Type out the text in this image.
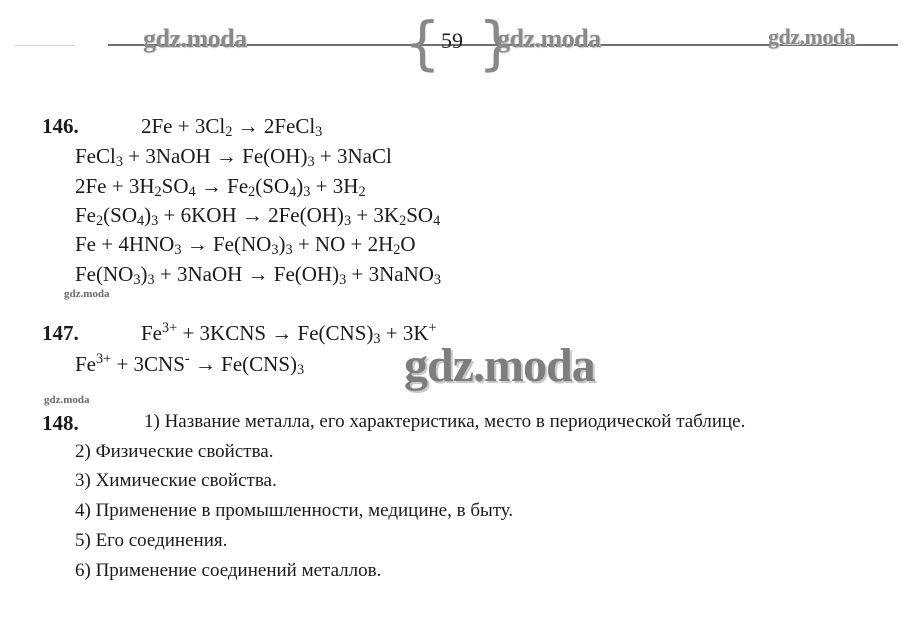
gdz.moda	{ 59 }
gdz.moda	gdz.moda
146.	$2Fe + 3Cl_2$ → 2FeCl$_3$
FeCl$_3$ + 3NaOH → $Fe(OH)_3$ + 3NaCl
$2Fe + 3H_2SO_4 \to Fe_2(SO_4)_3 + 3H_2$
$Fe_2(SO_4)_3 + 6KOH \to 2Fe(OH)_3 + 3K_2SO_4$
$Fe + 4HNO_3 \to Fe(NO_3)_3$ + NO + $2H_2O$
$Fe(NO_3)_3$ + 3NaOH → $Fe(OH)_3$ + 3NaNO$_3$
gdz.moda
147.	$Fe^{3+}$ + 3KCNS → $Fe(CNS)_3 + 3K^+$
$Fe^{3+} + 3CNS^- \to Fe(CNS)_3$ gdz.moda
gdz.moda
148.	1) Название металла, его характеристика, место в периодической таблице.
2) Физические свойства.
3) Химические свойства.
4) Применение в промышленности, медицине, в быту.
5) Его соединения.
6) Применение соединений металлов.
